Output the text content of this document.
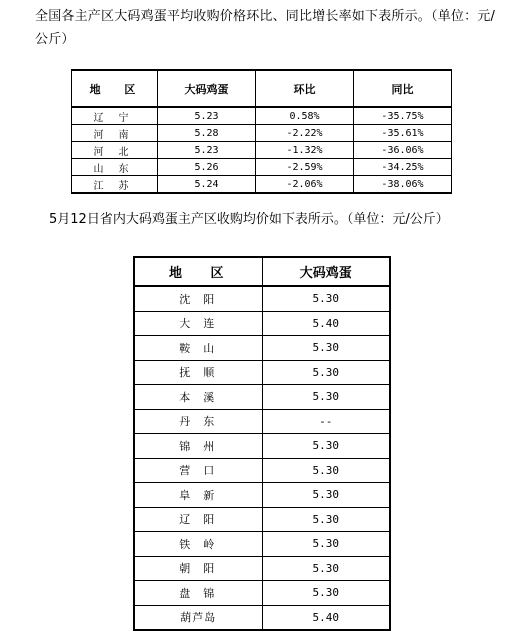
全国各主产区大码鸡蛋平均收购价格环比、同比增长率如下表所示。（单位：元/公斤）
地 区	大码鸡蛋	环比	同比
辽宁	5.23	0.58%	-35.75%
河南	5.28	-2.22%	-35.61%
河北	5.23	-1.32%	-36.06%
山东	5.26	-2.59%	-34.25%
江苏	5.24	-2.06%	-38.06%
5月12日省内大码鸡蛋主产区收购均价如下表所示。（单位：元/公斤）
地 区	大码鸡蛋
沈阳	5.30
大连	5.40
鞍山	5.30
抚顺	5.30
本溪	5.30
丹东	--
锦州	5.30
营口	5.30
阜新	5.30
辽阳	5.30
铁岭	5.30
朝阳	5.30
盘锦	5.30
葫芦岛	5.40
